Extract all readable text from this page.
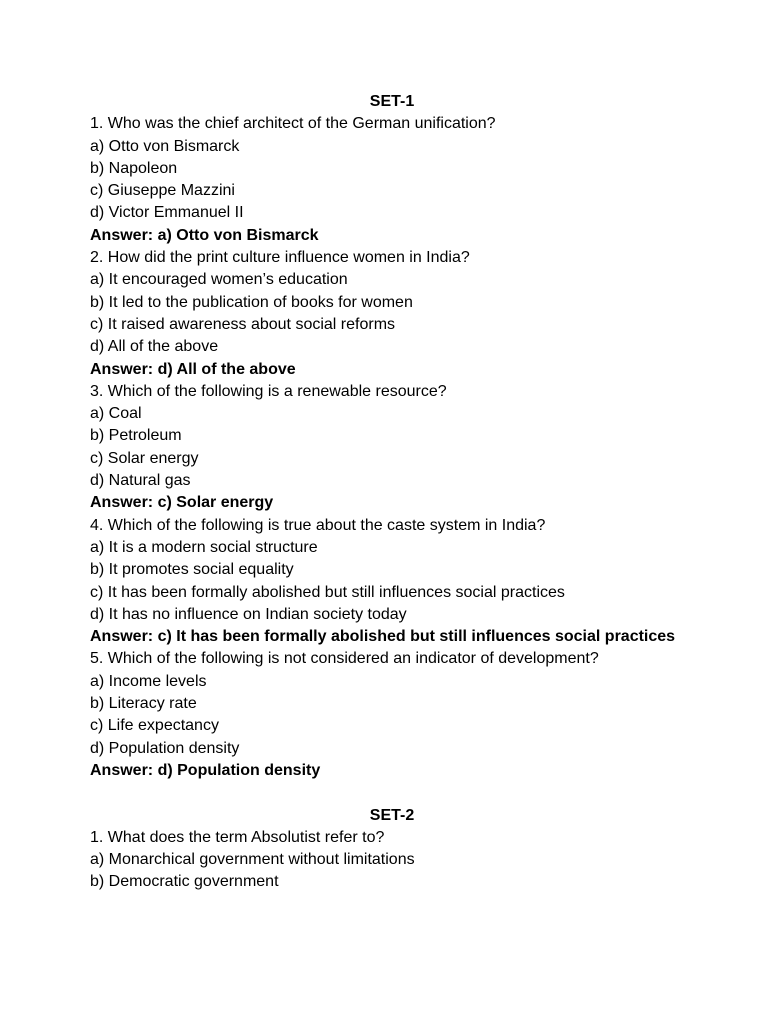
SET-1
1. Who was the chief architect of the German unification?
a) Otto von Bismarck
b) Napoleon
c) Giuseppe Mazzini
d) Victor Emmanuel II
Answer: a) Otto von Bismarck
2. How did the print culture influence women in India?
a) It encouraged women’s education
b) It led to the publication of books for women
c) It raised awareness about social reforms
d) All of the above
Answer: d) All of the above
3. Which of the following is a renewable resource?
a) Coal
b) Petroleum
c) Solar energy
d) Natural gas
Answer: c) Solar energy
4. Which of the following is true about the caste system in India?
a) It is a modern social structure
b) It promotes social equality
c) It has been formally abolished but still influences social practices
d) It has no influence on Indian society today
Answer: c) It has been formally abolished but still influences social practices
5. Which of the following is not considered an indicator of development?
a) Income levels
b) Literacy rate
c) Life expectancy
d) Population density
Answer: d) Population density
SET-2
1. What does the term Absolutist refer to?
a) Monarchical government without limitations
b) Democratic government
